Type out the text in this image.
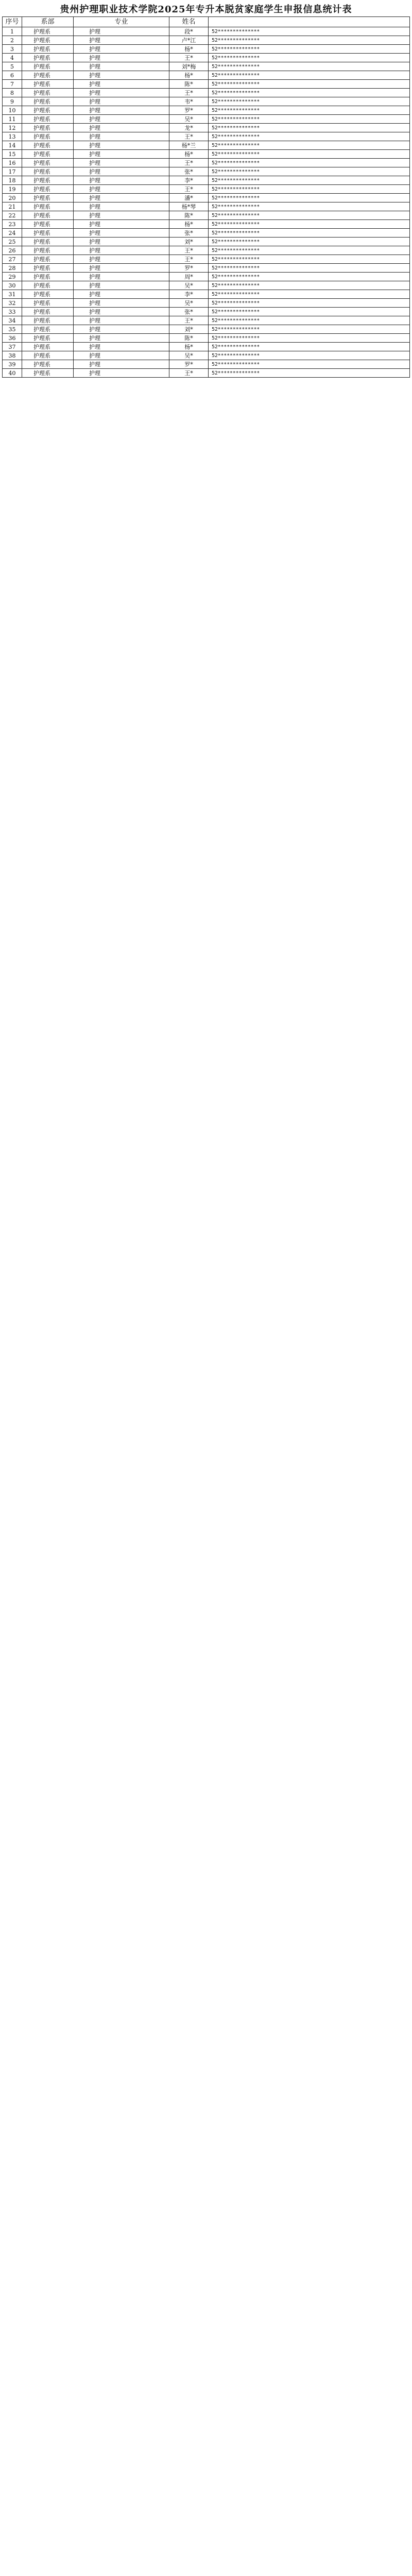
贵州护理职业技术学院2025年专升本脱贫家庭学生申报信息统计表
序号	系部	专业	姓名	
1	护理系	护理	段*	52**************
2	护理系	护理	卢*江	52**************
3	护理系	护理	杨*	52**************
4	护理系	护理	王*	52**************
5	护理系	护理	刘*梅	52**************
6	护理系	护理	杨*	52**************
7	护理系	护理	陈*	52**************
8	护理系	护理	王*	52**************
9	护理系	护理	韦*	52**************
10	护理系	护理	罗*	52**************
11	护理系	护理	吴*	52**************
12	护理系	护理	龙*	52**************
13	护理系	护理	王*	52**************
14	护理系	护理	杨*兰	52**************
15	护理系	护理	杨*	52**************
16	护理系	护理	王*	52**************
17	护理系	护理	张*	52**************
18	护理系	护理	李*	52**************
19	护理系	护理	王*	52**************
20	护理系	护理	潘*	52**************
21	护理系	护理	杨*琴	52**************
22	护理系	护理	陈*	52**************
23	护理系	护理	杨*	52**************
24	护理系	护理	张*	52**************
25	护理系	护理	刘*	52**************
26	护理系	护理	王*	52**************
27	护理系	护理	王*	52**************
28	护理系	护理	罗*	52**************
29	护理系	护理	周*	52**************
30	护理系	护理	吴*	52**************
31	护理系	护理	李*	52**************
32	护理系	护理	吴*	52**************
33	护理系	护理	张*	52**************
34	护理系	护理	王*	52**************
35	护理系	护理	刘*	52**************
36	护理系	护理	陈*	52**************
37	护理系	护理	杨*	52**************
38	护理系	护理	吴*	52**************
39	护理系	护理	罗*	52**************
40	护理系	护理	王*	52**************
